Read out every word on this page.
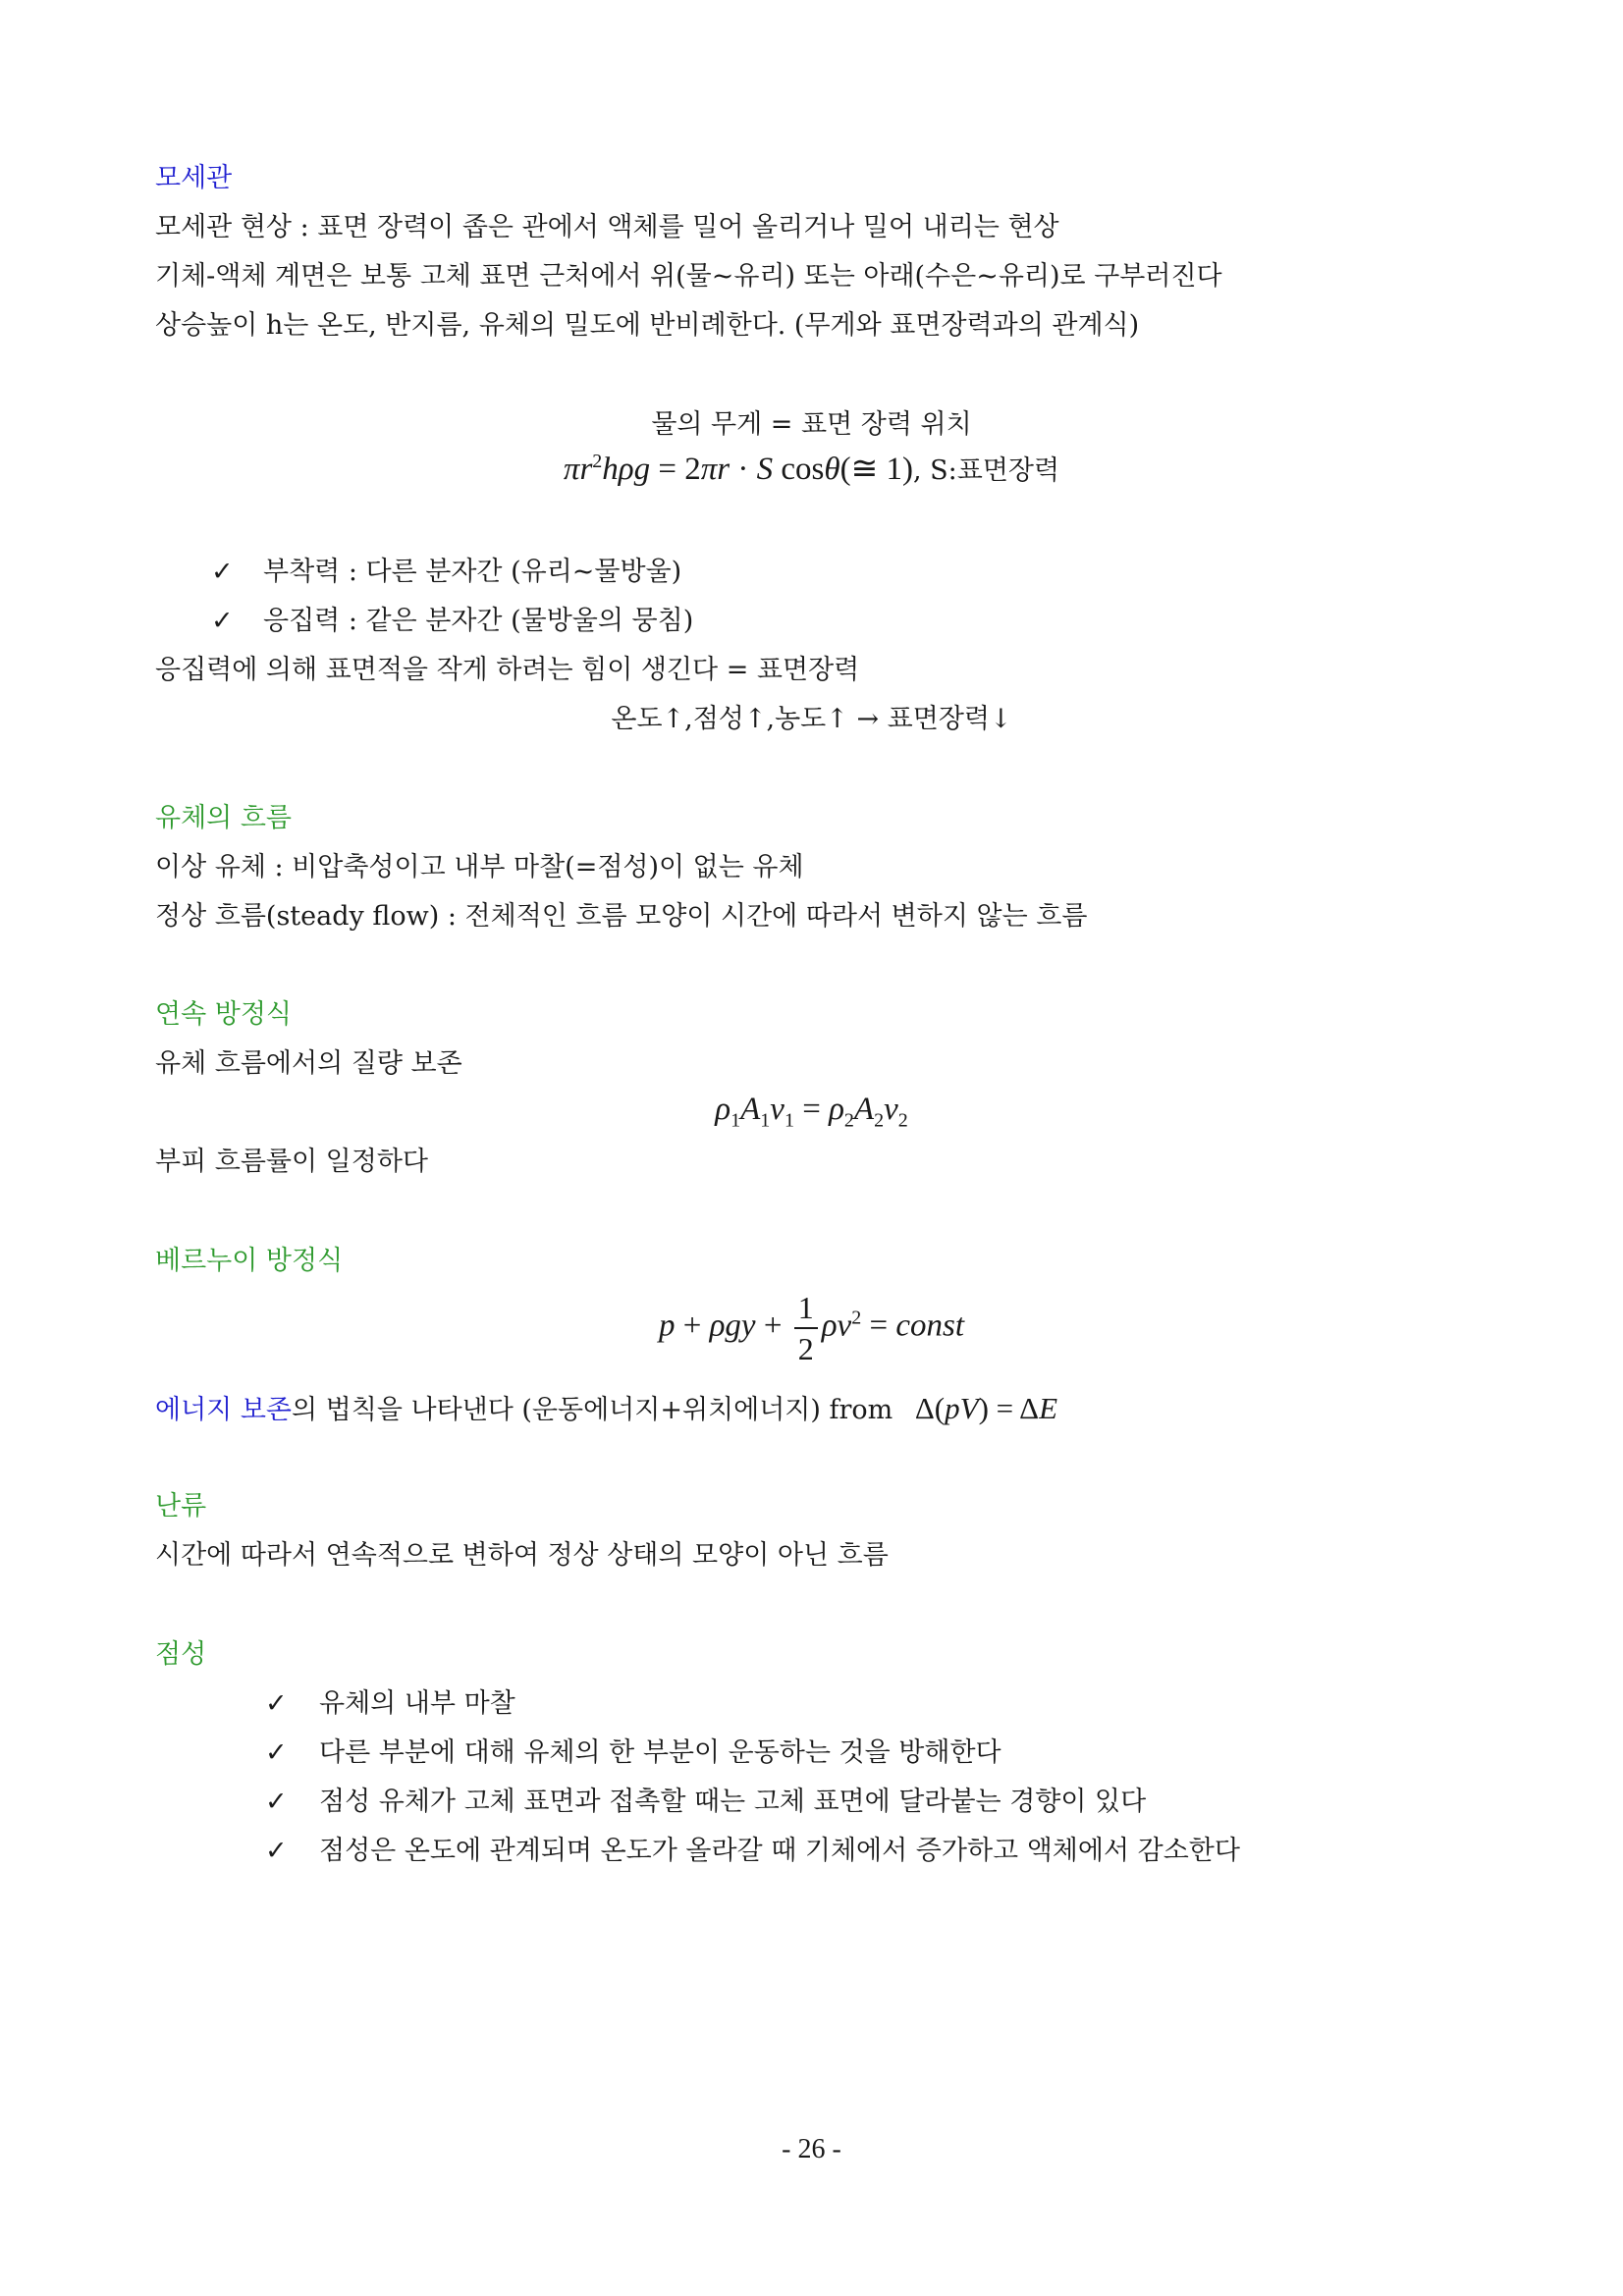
모세관
모세관 현상 : 표면 장력이 좁은 관에서 액체를 밀어 올리거나 밀어 내리는 현상
기체-액체 계면은 보통 고체 표면 근처에서 위(물~유리) 또는 아래(수은~유리)로 구부러진다
상승높이 h는 온도, 반지름, 유체의 밀도에 반비례한다. (무게와 표면장력과의 관계식)
물의 무게 = 표면 장력 위치
$\pi r^2h\rho g = 2\pi r \cdot S$ cosθ(≅ 1), S:표면장력
✓ 부착력 : 다른 분자간 (유리~물방울)
✓ 응집력 : 같은 분자간 (물방울의 뭉침)
응집력에 의해 표면적을 작게 하려는 힘이 생긴다 = 표면장력
온도↑,점성↑,농도↑ → 표면장력↓
유체의 흐름
이상 유체 : 비압축성이고 내부 마찰(=점성)이 없는 유체
정상 흐름(steady flow) : 전체적인 흐름 모양이 시간에 따라서 변하지 않는 흐름
연속 방정식
유체 흐름에서의 질량 보존
$\rho_1A_1v_1 = \rho_2A_2v_2$
부피 흐름률이 일정하다
베르누이 방정식
$p + \rho gy + \frac{1}{2} \rho v^2$ = const
에너지 보존의 법칙을 나타낸다 (운동에너지+위치에너지) from Δ(pV) = ΔE
난류
시간에 따라서 연속적으로 변하여 정상 상태의 모양이 아닌 흐름
점성
✓ 유체의 내부 마찰
✓ 다른 부분에 대해 유체의 한 부분이 운동하는 것을 방해한다
✓ 점성 유체가 고체 표면과 접촉할 때는 고체 표면에 달라붙는 경향이 있다
✓ 점성은 온도에 관계되며 온도가 올라갈 때 기체에서 증가하고 액체에서 감소한다
- 26 -
